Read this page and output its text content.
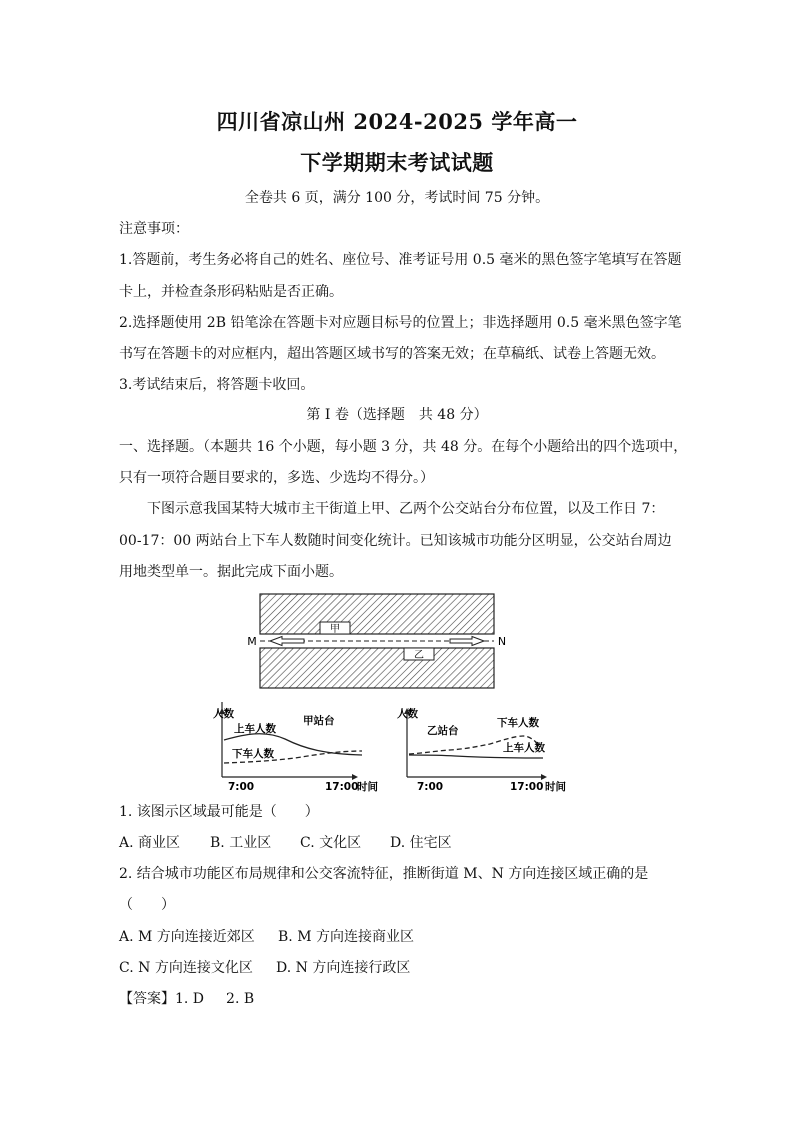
四川省凉山州 2024-2025 学年高一
下学期期末考试试题
全卷共 6 页，满分 100 分，考试时间 75 分钟。
注意事项：
1.答题前，考生务必将自己的姓名、座位号、准考证号用 0.5 毫米的黑色签字笔填写在答题
卡上，并检查条形码粘贴是否正确。
2.选择题使用 2B 铅笔涂在答题卡对应题目标号的位置上；非选择题用 0.5 毫米黑色签字笔
书写在答题卡的对应框内，超出答题区域书写的答案无效；在草稿纸、试卷上答题无效。
3.考试结束后，将答题卡收回。
第 I 卷（选择题　共 48 分）
一、选择题。（本题共 16 个小题，每小题 3 分，共 48 分。在每个小题给出的四个选项中，
只有一项符合题目要求的，多选、少选均不得分。）
下图示意我国某特大城市主干街道上甲、乙两个公交站台分布位置，以及工作日 7：
00-17：00 两站台上下车人数随时间变化统计。已知该城市功能分区明显，公交站台周边
用地类型单一。据此完成下面小题。
甲
乙
M	N
人数
甲站台
上车人数
下车人数
7:00	17:00
时间
人数
乙站台
下车人数
上车人数
7:00	17:00 时间
1. 该图示区域最可能是（　　）
A. 商业区 B. 工业区 C. 文化区 D. 住宅区
2. 结合城市功能区布局规律和公交客流特征，推断街道 M、N 方向连接区域正确的是
（　　）
A. M 方向连接近郊区 B. M 方向连接商业区
C. N 方向连接文化区 D. N 方向连接行政区
【答案】1. D 2. B
